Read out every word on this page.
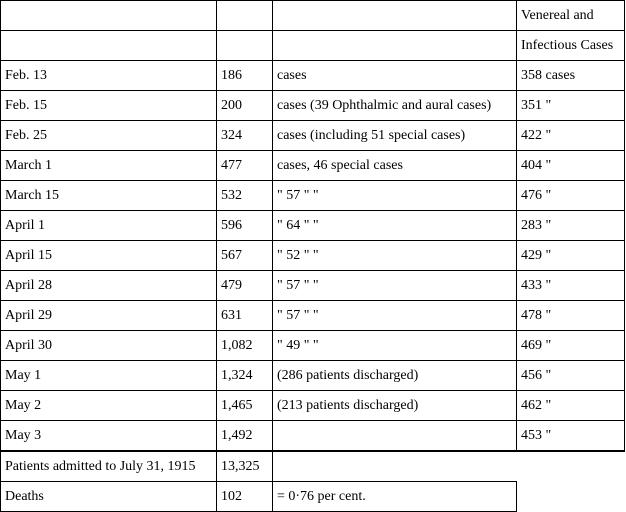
			Venereal and
			Infectious Cases
Feb. 13	186	cases	358 cases
Feb. 15	200	cases (39 Ophthalmic and aural cases)	351 "
Feb. 25	324	cases (including 51 special cases)	422 "
March 1	477	cases, 46 special cases	404 "
March 15	532	" 57 " "	476 "
April 1	596	" 64 " "	283 "
April 15	567	" 52 " "	429 "
April 28	479	" 57 " "	433 "
April 29	631	" 57 " "	478 "
April 30	1,082	" 49 " "	469 "
May 1	1,324	(286 patients discharged)	456 "
May 2	1,465	(213 patients discharged)	462 "
May 3	1,492		453 "
Patients admitted to July 31, 1915	13,325		
Deaths	102	= 0·76 per cent.	
